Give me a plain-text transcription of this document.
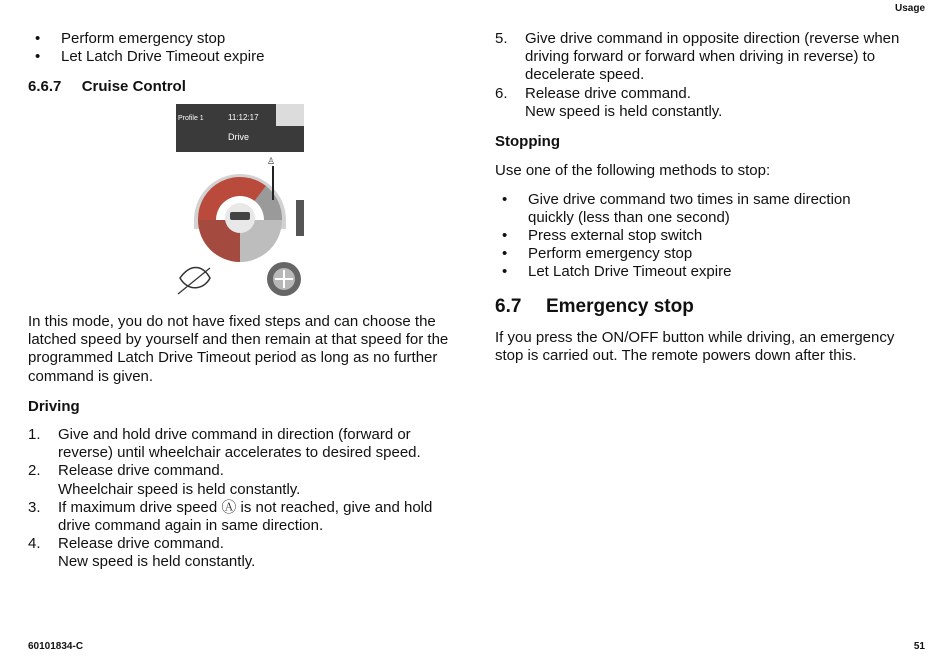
Usage
• Perform emergency stop
• Let Latch Drive Timeout expire
6.6.7 Cruise Control
Profile 1	11:12:17
Drive
♙

In this mode, you do not have fixed steps and can choose the latched speed by yourself and then remain at that speed for the programmed Latch Drive Timeout period as long as no further command is given.

Driving
1. Give and hold drive command in direction (forward or reverse) until wheelchair accelerates to desired speed.
2. Release drive command.
Wheelchair speed is held constantly.
3. If maximum drive speed Ⓐ is not reached, give and hold drive command again in same direction.
4. Release drive command.
New speed is held constantly.
5. Give drive command in opposite direction (reverse when driving forward or forward when driving in reverse) to decelerate speed.
6. Release drive command.
New speed is held constantly.
Stopping

Use one of the following methods to stop:

• Give drive command two times in same direction quickly (less than one second)
• Press external stop switch
• Perform emergency stop
• Let Latch Drive Timeout expire
6.7 Emergency stop

If you press the ON/OFF button while driving, an emergency stop is carried out. The remote powers down after this.

60101834-C	51
